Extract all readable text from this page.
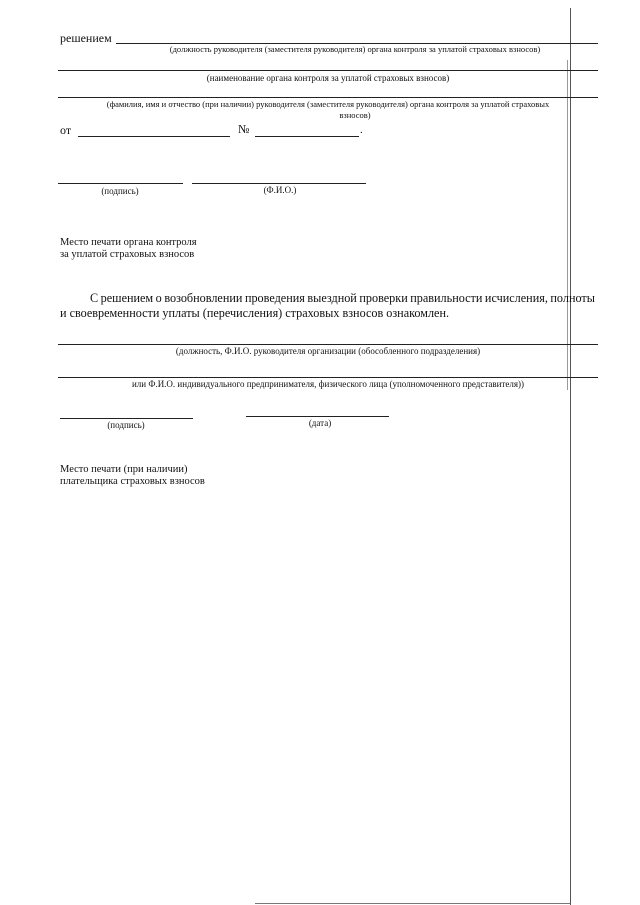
решением
(должность руководителя (заместителя руководителя) органа контроля за уплатой страховых взносов)
(наименование органа контроля за уплатой страховых взносов)
(фамилия, имя и отчество (при наличии) руководителя (заместителя руководителя) органа контроля за уплатой страховых
взносов)
от	№	.
(подпись)	(Ф.И.О.)
Место печати органа контроля
за уплатой страховых взносов
С решением о возобновлении проведения выездной проверки правильности исчисления, полноты
и своевременности уплаты (перечисления) страховых взносов ознакомлен.
(должность, Ф.И.О. руководителя организации (обособленного подразделения)
или Ф.И.О. индивидуального предпринимателя, физического лица (уполномоченного представителя))
(подпись)	(дата)
Место печати (при наличии)
плательщика страховых взносов
